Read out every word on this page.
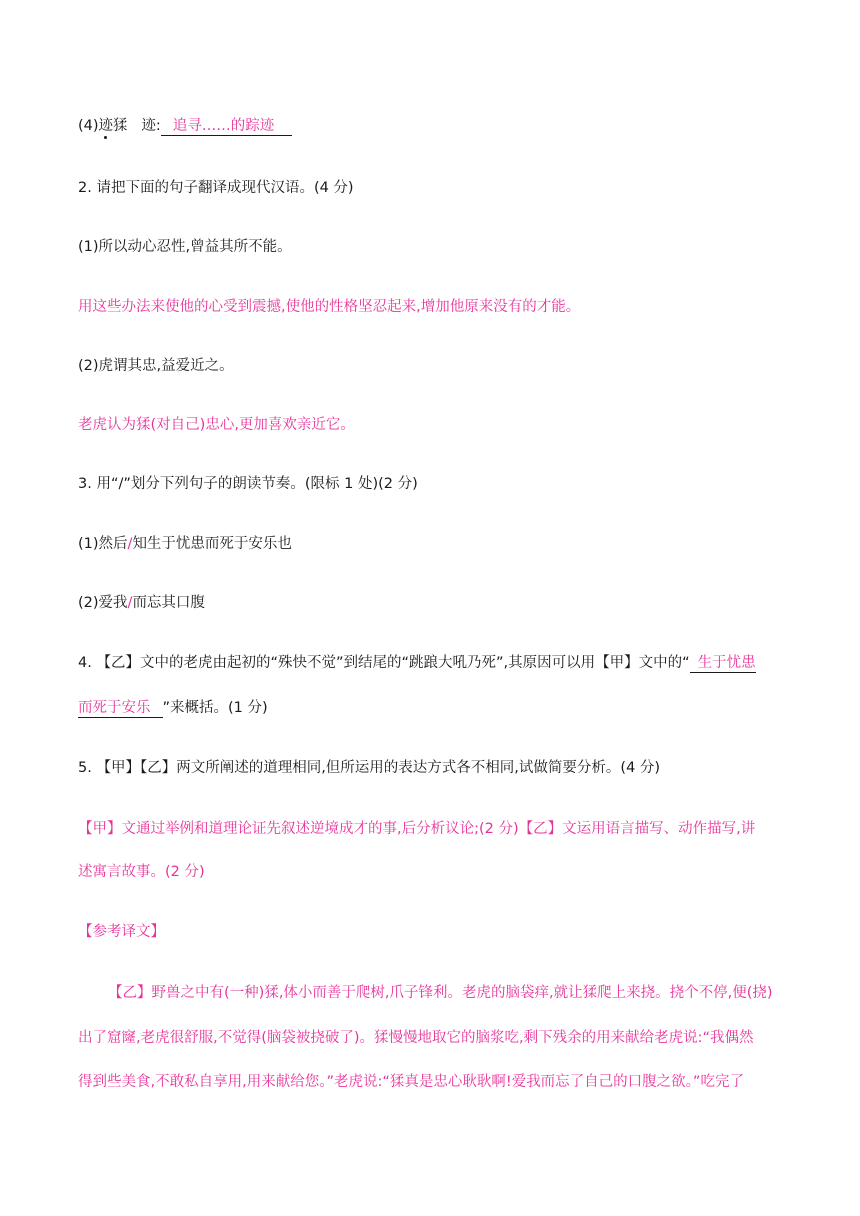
(4)迹猱 迹: 追寻……的踪迹
2. 请把下面的句子翻译成现代汉语。(4 分)
(1)所以动心忍性,曾益其所不能。
用这些办法来使他的心受到震撼,使他的性格坚忍起来,增加他原来没有的才能。
(2)虎谓其忠,益爱近之。
老虎认为猱(对自己)忠心,更加喜欢亲近它。
3. 用“/”划分下列句子的朗读节奏。(限标 1 处)(2 分)
(1)然后/知生于忧患而死于安乐也
(2)爱我/而忘其口腹
4. 【乙】文中的老虎由起初的“殊快不觉”到结尾的“跳踉大吼乃死”,其原因可以用【甲】文中的“ 生于忧患
而死于安乐 ”来概括。(1 分)
5. 【甲】【乙】两文所阐述的道理相同,但所运用的表达方式各不相同,试做简要分析。(4 分)
【甲】文通过举例和道理论证先叙述逆境成才的事,后分析议论;(2 分)【乙】文运用语言描写、动作描写,讲
述寓言故事。(2 分)
【参考译文】
【乙】野兽之中有(一种)猱,体小而善于爬树,爪子锋利。老虎的脑袋痒,就让猱爬上来挠。挠个不停,便(挠)
出了窟窿,老虎很舒服,不觉得(脑袋被挠破了)。猱慢慢地取它的脑浆吃,剩下残余的用来献给老虎说:“我偶然
得到些美食,不敢私自享用,用来献给您。”老虎说:“猱真是忠心耿耿啊!爱我而忘了自己的口腹之欲。”吃完了
